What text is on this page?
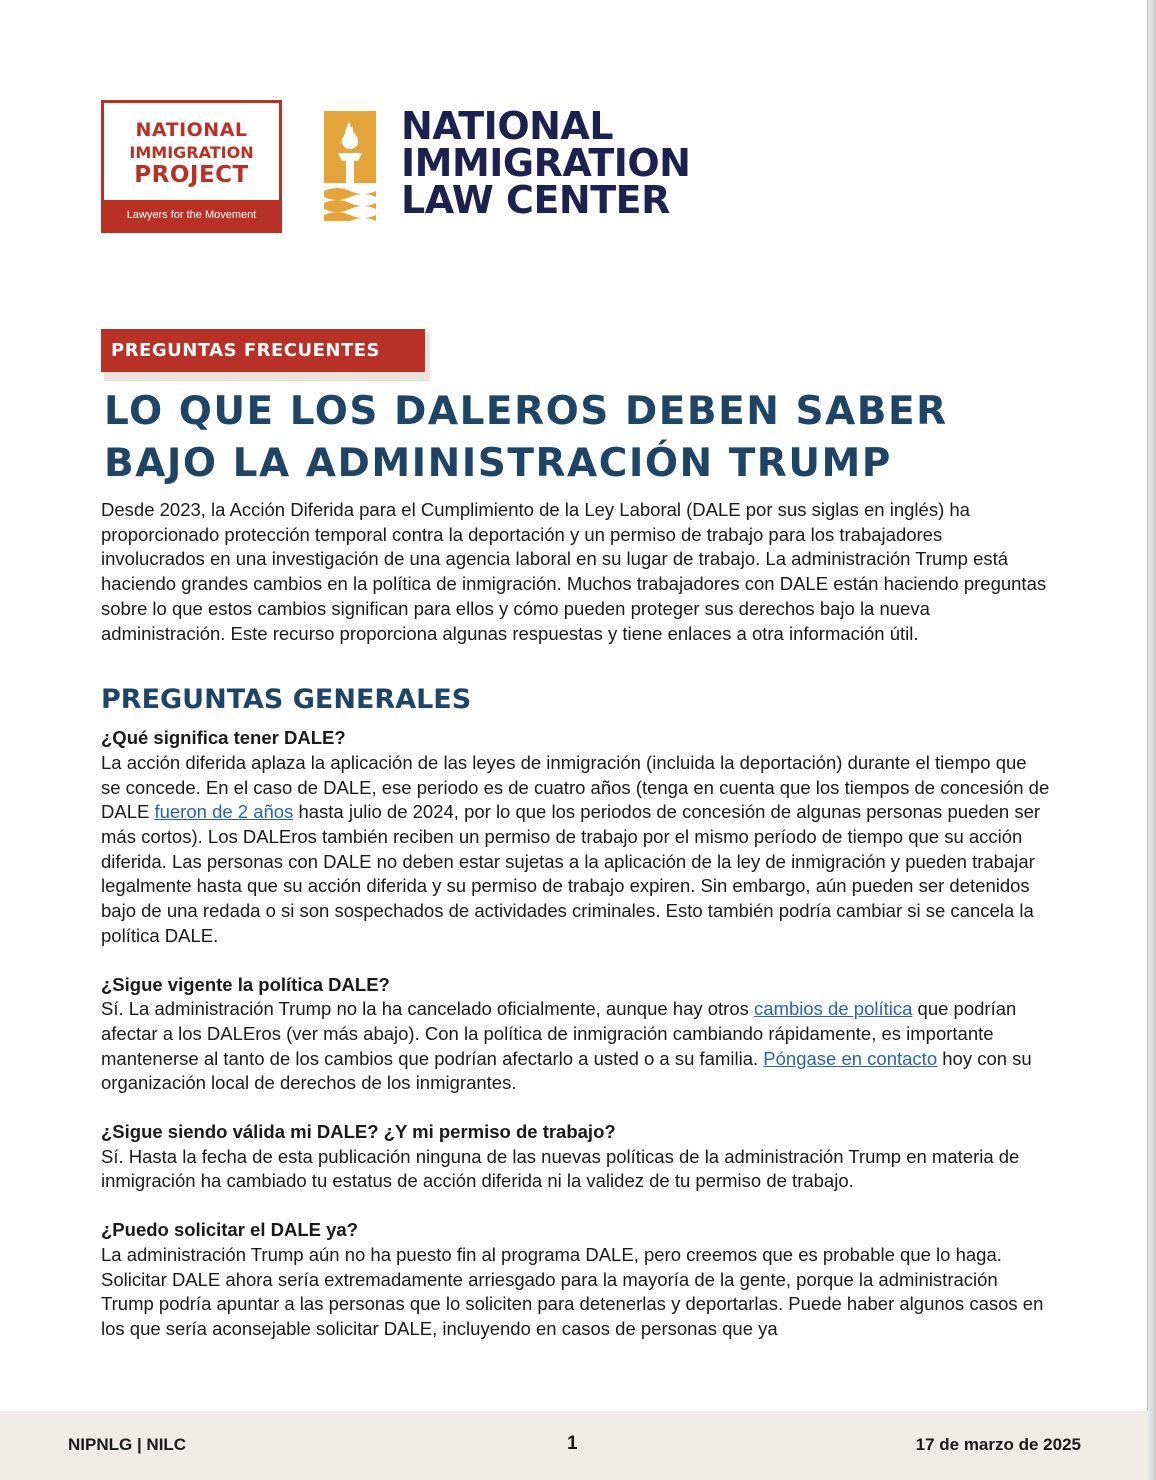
NATIONAL
IMMIGRATION
PROJECT
Lawyers for the Movement
NATIONAL
IMMIGRATION
LAW CENTER
PREGUNTAS FRECUENTES
LO QUE LOS DALEROS DEBEN SABER
BAJO LA ADMINISTRACIÓN TRUMP

Desde 2023, la Acción Diferida para el Cumplimiento de la Ley Laboral (DALE por sus siglas en inglés) ha proporcionado protección temporal contra la deportación y un permiso de trabajo para los trabajadores involucrados en una investigación de una agencia laboral en su lugar de trabajo. La administración Trump está haciendo grandes cambios en la política de inmigración. Muchos trabajadores con DALE están haciendo preguntas sobre lo que estos cambios significan para ellos y cómo pueden proteger sus derechos bajo la nueva administración. Este recurso proporciona algunas respuestas y tiene enlaces a otra información útil.

PREGUNTAS GENERALES

¿Qué significa tener DALE?

La acción diferida aplaza la aplicación de las leyes de inmigración (incluida la deportación) durante el tiempo que se concede. En el caso de DALE, ese periodo es de cuatro años (tenga en cuenta que los tiempos de concesión de DALE fueron de 2 años hasta julio de 2024, por lo que los periodos de concesión de algunas personas pueden ser más cortos). Los DALEros también reciben un permiso de trabajo por el mismo período de tiempo que su acción diferida. Las personas con DALE no deben estar sujetas a la aplicación de la ley de inmigración y pueden trabajar legalmente hasta que su acción diferida y su permiso de trabajo expiren. Sin embargo, aún pueden ser detenidos bajo de una redada o si son sospechados de actividades criminales. Esto también podría cambiar si se cancela la política DALE.

¿Sigue vigente la política DALE?

Sí. La administración Trump no la ha cancelado oficialmente, aunque hay otros cambios de política que podrían afectar a los DALEros (ver más abajo). Con la política de inmigración cambiando rápidamente, es importante mantenerse al tanto de los cambios que podrían afectarlo a usted o a su familia. Póngase en contacto hoy con su organización local de derechos de los inmigrantes.

¿Sigue siendo válida mi DALE? ¿Y mi permiso de trabajo?

Sí. Hasta la fecha de esta publicación ninguna de las nuevas políticas de la administración Trump en materia de inmigración ha cambiado tu estatus de acción diferida ni la validez de tu permiso de trabajo.

¿Puedo solicitar el DALE ya?

La administración Trump aún no ha puesto fin al programa DALE, pero creemos que es probable que lo haga. Solicitar DALE ahora sería extremadamente arriesgado para la mayoría de la gente, porque la administración Trump podría apuntar a las personas que lo soliciten para detenerlas y deportarlas. Puede haber algunos casos en los que sería aconsejable solicitar DALE, incluyendo en casos de personas que ya

NIPNLG | NILC	1	17 de marzo de 2025
